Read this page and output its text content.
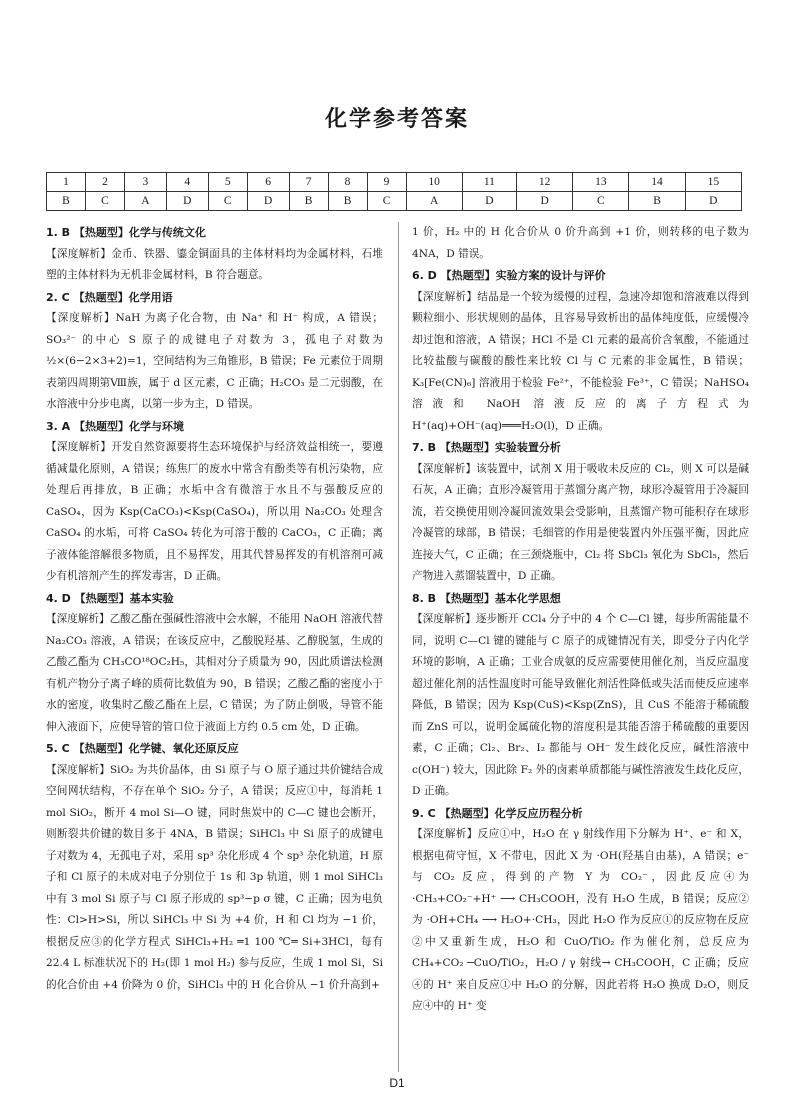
化学参考答案
1	2	3	4	5	6	7	8	9	10	11	12	13	14	15
B	C	A	D	C	D	B	B	C	A	D	D	C	B	D
1. B 【热题型】化学与传统文化
【深度解析】金币、铁器、鎏金铜面具的主体材料均为金属材料，石堆塑的主体材料为无机非金属材料，B 符合题意。
2. C 【热题型】化学用语
【深度解析】NaH 为离子化合物，由 Na⁺ 和 H⁻ 构成，A 错误；SO₃²⁻ 的中心 S 原子的成键电子对数为 3，孤电子对数为 ½×(6−2×3+2)=1，空间结构为三角锥形，B 错误；Fe 元素位于周期表第四周期第Ⅷ族，属于 d 区元素，C 正确；H₂CO₃ 是二元弱酸，在水溶液中分步电离，以第一步为主，D 错误。
3. A 【热题型】化学与环境
【深度解析】开发自然资源要将生态环境保护与经济效益相统一，要遵循减量化原则，A 错误；练焦厂的废水中常含有酚类等有机污染物，应处理后再排放，B 正确；水垢中含有微溶于水且不与强酸反应的 CaSO₄，因为 Ksp(CaCO₃)<Ksp(CaSO₄)，所以用 Na₂CO₃ 处理含 CaSO₄ 的水垢，可将 CaSO₄ 转化为可溶于酸的 CaCO₃，C 正确；离子液体能溶解很多物质，且不易挥发，用其代替易挥发的有机溶剂可减少有机溶剂产生的挥发毒害，D 正确。
4. D 【热题型】基本实验
【深度解析】乙酸乙酯在强碱性溶液中会水解，不能用 NaOH 溶液代替 Na₂CO₃ 溶液，A 错误；在该反应中，乙酸脱羟基、乙醇脱氢，生成的乙酸乙酯为 CH₃CO¹⁸OC₂H₅，其相对分子质量为 90，因此质谱法检测有机产物分子离子峰的质荷比数值为 90，B 错误；乙酸乙酯的密度小于水的密度，收集时乙酸乙酯在上层，C 错误；为了防止倒吸，导管不能伸入液面下，应使导管的管口位于液面上方约 0.5 cm 处，D 正确。
5. C 【热题型】化学键、氧化还原反应
【深度解析】SiO₂ 为共价晶体，由 Si 原子与 O 原子通过共价键结合成空间网状结构，不存在单个 SiO₂ 分子，A 错误；反应①中，每消耗 1 mol SiO₂，断开 4 mol Si—O 键，同时焦炭中的 C—C 键也会断开，则断裂共价键的数目多于 4NA，B 错误；SiHCl₃ 中 Si 原子的成键电子对数为 4，无孤电子对，采用 sp³ 杂化形成 4 个 sp³ 杂化轨道，H 原子和 Cl 原子的未成对电子分别位于 1s 和 3p 轨道，则 1 mol SiHCl₃ 中有 3 mol Si 原子与 Cl 原子形成的 sp³−p σ 键，C 正确；因为电负性：Cl>H>Si，所以 SiHCl₃ 中 Si 为 +4 价，H 和 Cl 均为 −1 价，根据反应③的化学方程式 SiHCl₃+H₂ ═1 100 ℃═ Si+3HCl，每有 22.4 L 标准状况下的 H₂(即 1 mol H₂) 参与反应，生成 1 mol Si，Si 的化合价由 +4 价降为 0 价，SiHCl₃ 中的 H 化合价从 −1 价升高到+
1 价，H₂ 中的 H 化合价从 0 价升高到 +1 价，则转移的电子数为 4NA，D 错误。
6. D 【热题型】实验方案的设计与评价
【深度解析】结晶是一个较为缓慢的过程，急速冷却饱和溶液难以得到颗粒细小、形状规则的晶体，且容易导致析出的晶体纯度低，应缓慢冷却过饱和溶液，A 错误；HCl 不是 Cl 元素的最高价含氧酸，不能通过比较盐酸与碳酸的酸性来比较 Cl 与 C 元素的非金属性，B 错误；K₃[Fe(CN)₆] 溶液用于检验 Fe²⁺，不能检验 Fe³⁺，C 错误；NaHSO₄ 溶液和 NaOH 溶液反应的离子方程式为 H⁺(aq)+OH⁻(aq)═══H₂O(l)，D 正确。
7. B 【热题型】实验装置分析
【深度解析】该装置中，试剂 X 用于吸收未反应的 Cl₂，则 X 可以是碱石灰，A 正确；直形冷凝管用于蒸馏分离产物，球形冷凝管用于冷凝回流，若交换使用则冷凝回流效果会受影响，且蒸馏产物可能积存在球形冷凝管的球部，B 错误；毛细管的作用是使装置内外压强平衡，因此应连接大气，C 正确；在三颈烧瓶中，Cl₂ 将 SbCl₃ 氧化为 SbCl₅，然后产物进入蒸馏装置中，D 正确。
8. B 【热题型】基本化学思想
【深度解析】逐步断开 CCl₄ 分子中的 4 个 C—Cl 键，每步所需能量不同，说明 C—Cl 键的键能与 C 原子的成键情况有关，即受分子内化学环境的影响，A 正确；工业合成氨的反应需要使用催化剂，当反应温度超过催化剂的活性温度时可能导致催化剂活性降低或失活而使反应速率降低，B 错误；因为 Ksp(CuS)<Ksp(ZnS)，且 CuS 不能溶于稀硫酸而 ZnS 可以，说明金属硫化物的溶度积是其能否溶于稀硫酸的重要因素，C 正确；Cl₂、Br₂、I₂ 都能与 OH⁻ 发生歧化反应，碱性溶液中 c(OH⁻) 较大，因此除 F₂ 外的卤素单质都能与碱性溶液发生歧化反应，D 正确。
9. C 【热题型】化学反应历程分析
【深度解析】反应①中，H₂O 在 γ 射线作用下分解为 H⁺、e⁻ 和 X，根据电荷守恒，X 不带电，因此 X 为 ·OH(羟基自由基)，A 错误；e⁻ 与 CO₂ 反应，得到的产物 Y 为 CO₂⁻，因此反应④为 ·CH₃+CO₂⁻+H⁺ ⟶ CH₃COOH，没有 H₂O 生成，B 错误；反应②为 ·OH+CH₄ ⟶ H₂O+·CH₃，因此 H₂O 作为反应①的反应物在反应②中又重新生成，H₂O 和 CuO/TiO₂ 作为催化剂，总反应为 CH₄+CO₂ ─CuO/TiO₂，H₂O / γ 射线→ CH₃COOH，C 正确；反应④的 H⁺ 来自反应①中 H₂O 的分解，因此若将 H₂O 换成 D₂O，则反应④中的 H⁺ 变
D1
